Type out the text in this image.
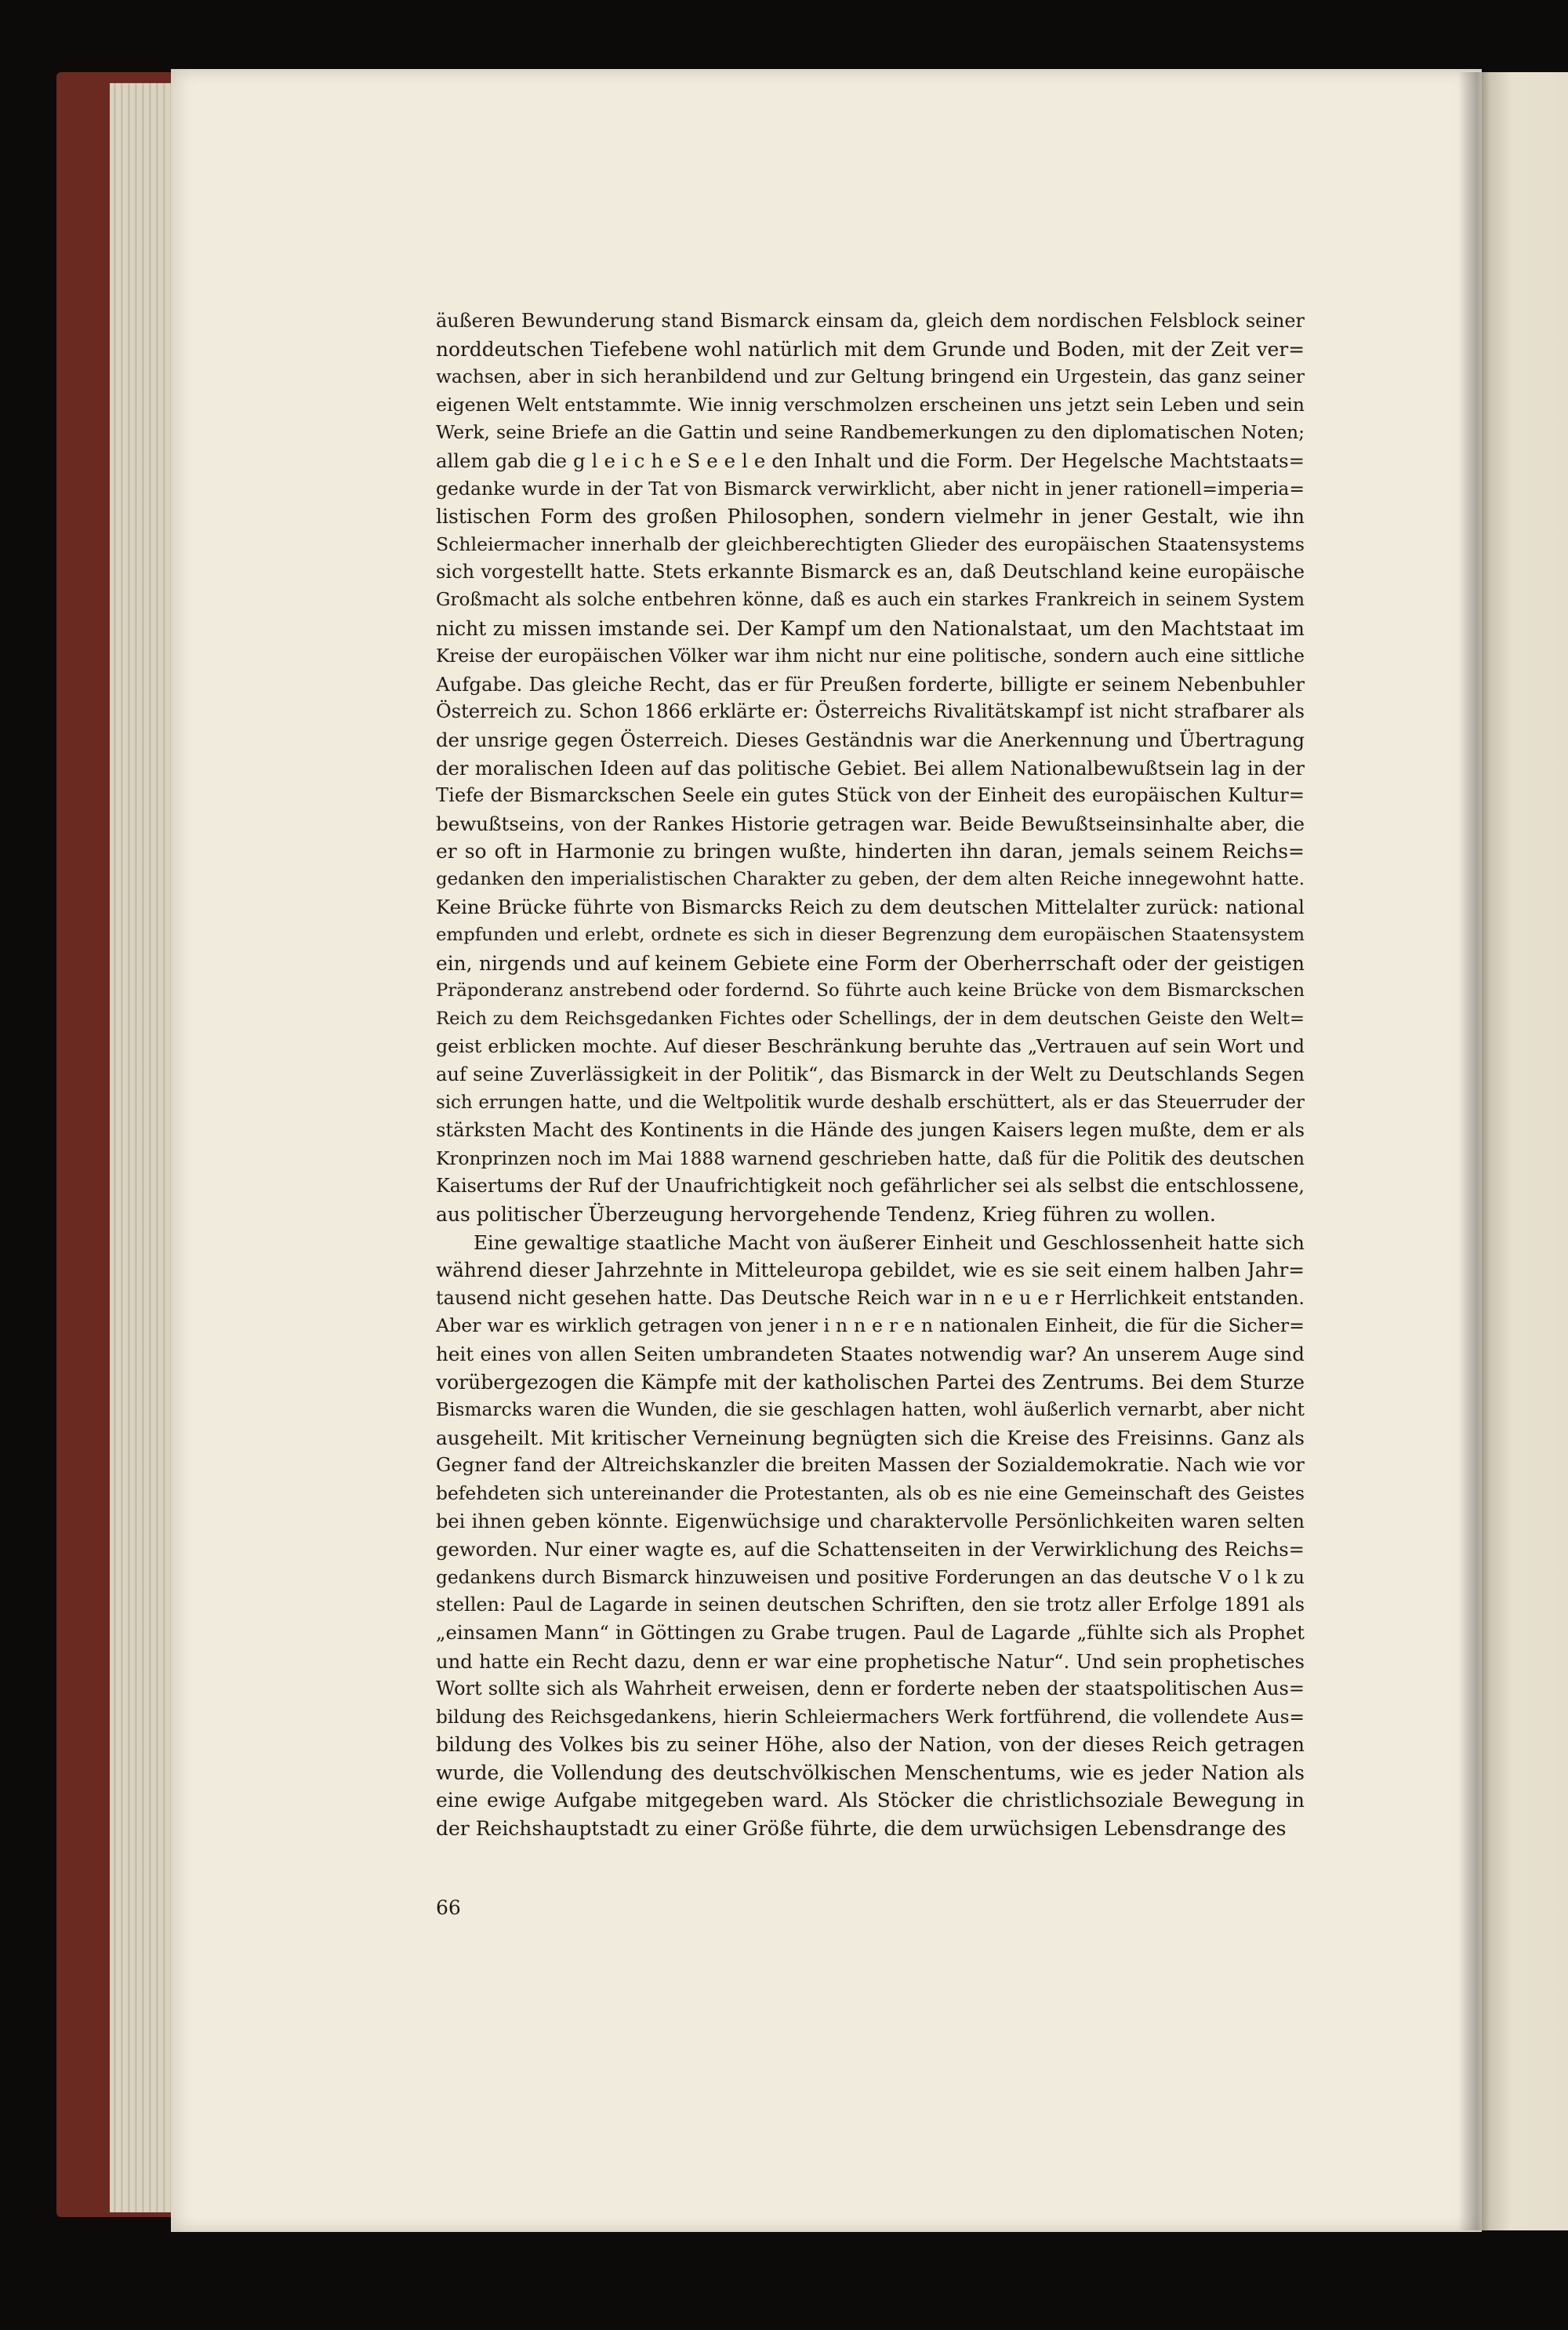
äußeren Bewunderung stand Bismarck einsam da, gleich dem nordischen Felsblock seiner
norddeutschen Tiefebene wohl natürlich mit dem Grunde und Boden, mit der Zeit ver=
wachsen, aber in sich heranbildend und zur Geltung bringend ein Urgestein, das ganz seiner
eigenen Welt entstammte. Wie innig verschmolzen erscheinen uns jetzt sein Leben und sein
Werk, seine Briefe an die Gattin und seine Randbemerkungen zu den diplomatischen Noten;
allem gab die g l e i c h e S e e l e den Inhalt und die Form. Der Hegelsche Machtstaats=
gedanke wurde in der Tat von Bismarck verwirklicht, aber nicht in jener rationell=imperia=
listischen Form des großen Philosophen, sondern vielmehr in jener Gestalt, wie ihn
Schleiermacher innerhalb der gleichberechtigten Glieder des europäischen Staatensystems
sich vorgestellt hatte. Stets erkannte Bismarck es an, daß Deutschland keine europäische
Großmacht als solche entbehren könne, daß es auch ein starkes Frankreich in seinem System
nicht zu missen imstande sei. Der Kampf um den Nationalstaat, um den Machtstaat im
Kreise der europäischen Völker war ihm nicht nur eine politische, sondern auch eine sittliche
Aufgabe. Das gleiche Recht, das er für Preußen forderte, billigte er seinem Nebenbuhler
Österreich zu. Schon 1866 erklärte er: Österreichs Rivalitätskampf ist nicht strafbarer als
der unsrige gegen Österreich. Dieses Geständnis war die Anerkennung und Übertragung
der moralischen Ideen auf das politische Gebiet. Bei allem Nationalbewußtsein lag in der
Tiefe der Bismarckschen Seele ein gutes Stück von der Einheit des europäischen Kultur=
bewußtseins, von der Rankes Historie getragen war. Beide Bewußtseinsinhalte aber, die
er so oft in Harmonie zu bringen wußte, hinderten ihn daran, jemals seinem Reichs=
gedanken den imperialistischen Charakter zu geben, der dem alten Reiche innegewohnt hatte.
Keine Brücke führte von Bismarcks Reich zu dem deutschen Mittelalter zurück: national
empfunden und erlebt, ordnete es sich in dieser Begrenzung dem europäischen Staatensystem
ein, nirgends und auf keinem Gebiete eine Form der Oberherrschaft oder der geistigen
Präponderanz anstrebend oder fordernd. So führte auch keine Brücke von dem Bismarckschen
Reich zu dem Reichsgedanken Fichtes oder Schellings, der in dem deutschen Geiste den Welt=
geist erblicken mochte. Auf dieser Beschränkung beruhte das „Vertrauen auf sein Wort und
auf seine Zuverlässigkeit in der Politik“, das Bismarck in der Welt zu Deutschlands Segen
sich errungen hatte, und die Weltpolitik wurde deshalb erschüttert, als er das Steuerruder der
stärksten Macht des Kontinents in die Hände des jungen Kaisers legen mußte, dem er als
Kronprinzen noch im Mai 1888 warnend geschrieben hatte, daß für die Politik des deutschen
Kaisertums der Ruf der Unaufrichtigkeit noch gefährlicher sei als selbst die entschlossene,
aus politischer Überzeugung hervorgehende Tendenz, Krieg führen zu wollen.
Eine gewaltige staatliche Macht von äußerer Einheit und Geschlossenheit hatte sich
während dieser Jahrzehnte in Mitteleuropa gebildet, wie es sie seit einem halben Jahr=
tausend nicht gesehen hatte. Das Deutsche Reich war in n e u e r Herrlichkeit entstanden.
Aber war es wirklich getragen von jener i n n e r e n nationalen Einheit, die für die Sicher=
heit eines von allen Seiten umbrandeten Staates notwendig war? An unserem Auge sind
vorübergezogen die Kämpfe mit der katholischen Partei des Zentrums. Bei dem Sturze
Bismarcks waren die Wunden, die sie geschlagen hatten, wohl äußerlich vernarbt, aber nicht
ausgeheilt. Mit kritischer Verneinung begnügten sich die Kreise des Freisinns. Ganz als
Gegner fand der Altreichskanzler die breiten Massen der Sozialdemokratie. Nach wie vor
befehdeten sich untereinander die Protestanten, als ob es nie eine Gemeinschaft des Geistes
bei ihnen geben könnte. Eigenwüchsige und charaktervolle Persönlichkeiten waren selten
geworden. Nur einer wagte es, auf die Schattenseiten in der Verwirklichung des Reichs=
gedankens durch Bismarck hinzuweisen und positive Forderungen an das deutsche V o l k zu
stellen: Paul de Lagarde in seinen deutschen Schriften, den sie trotz aller Erfolge 1891 als
„einsamen Mann“ in Göttingen zu Grabe trugen. Paul de Lagarde „fühlte sich als Prophet
und hatte ein Recht dazu, denn er war eine prophetische Natur“. Und sein prophetisches
Wort sollte sich als Wahrheit erweisen, denn er forderte neben der staatspolitischen Aus=
bildung des Reichsgedankens, hierin Schleiermachers Werk fortführend, die vollendete Aus=
bildung des Volkes bis zu seiner Höhe, also der Nation, von der dieses Reich getragen
wurde, die Vollendung des deutschvölkischen Menschentums, wie es jeder Nation als
eine ewige Aufgabe mitgegeben ward. Als Stöcker die christlichsoziale Bewegung in
der Reichshauptstadt zu einer Größe führte, die dem urwüchsigen Lebensdrange des
66
